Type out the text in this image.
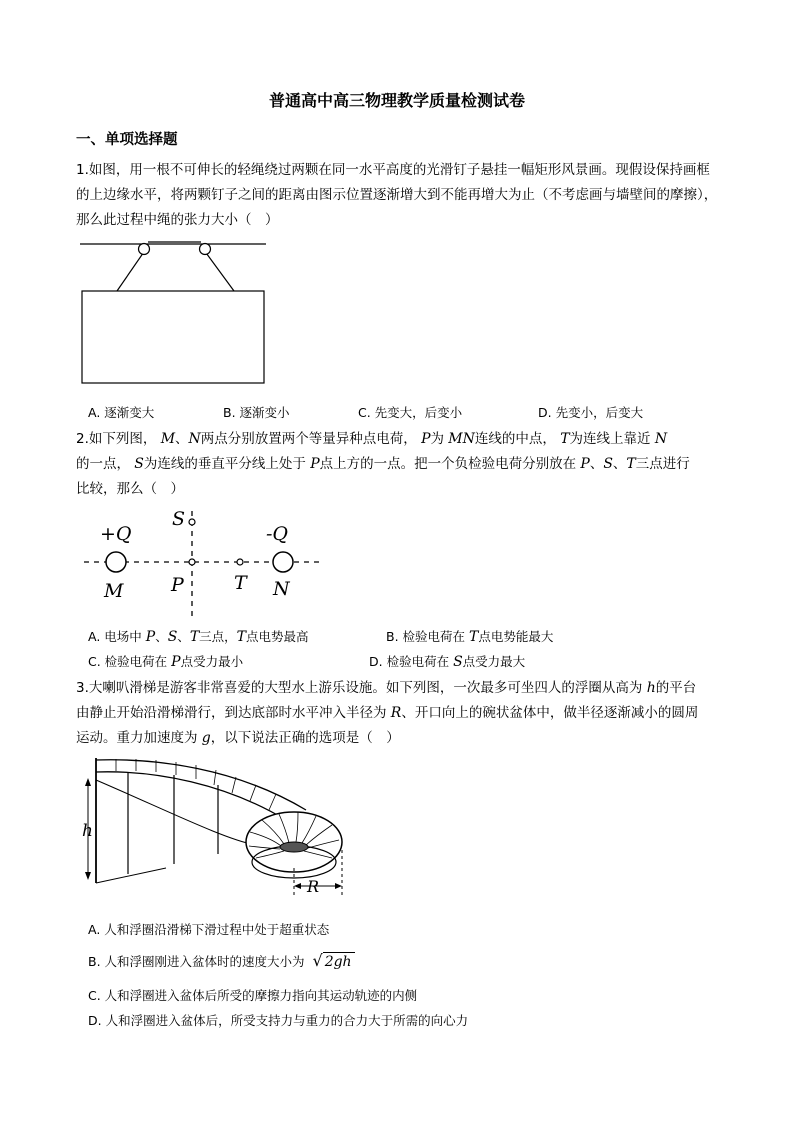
普通高中高三物理教学质量检测试卷
一、单项选择题
1.如图，用一根不可伸长的轻绳绕过两颗在同一水平高度的光滑钉子悬挂一幅矩形风景画。现假设保持画框的上边缘水平，将两颗钉子之间的距离由图示位置逐渐增大到不能再增大为止（不考虑画与墙壁间的摩擦），那么此过程中绳的张力大小（　）
A. 逐渐变大	B. 逐渐变小	C. 先变大，后变小	D. 先变小，后变大
2.如下列图， M、N两点分别放置两个等量异种点电荷， P为 MN连线的中点， T为连线上靠近 N
的一点， S为连线的垂直平分线上处于 P点上方的一点。把一个负检验电荷分别放在 P、S、T三点进行
比较，那么（　）
+Q	-Q
M	P	T N
S
A. 电场中 P、S、T三点，T点电势最高	B. 检验电荷在 T点电势能最大
C. 检验电荷在 P点受力最小	D. 检验电荷在 S点受力最大
3.大喇叭滑梯是游客非常喜爱的大型水上游乐设施。如下列图，一次最多可坐四人的浮圈从高为 h的平台
由静止开始沿滑梯滑行，到达底部时水平冲入半径为 R、开口向上的碗状盆体中，做半径逐渐减小的圆周
运动。重力加速度为 g，以下说法正确的选项是（　）
h
R
A. 人和浮圈沿滑梯下滑过程中处于超重状态
B. 人和浮圈刚进入盆体时的速度大小为 √ 2gh
C. 人和浮圈进入盆体后所受的摩擦力指向其运动轨迹的内侧
D. 人和浮圈进入盆体后，所受支持力与重力的合力大于所需的向心力
